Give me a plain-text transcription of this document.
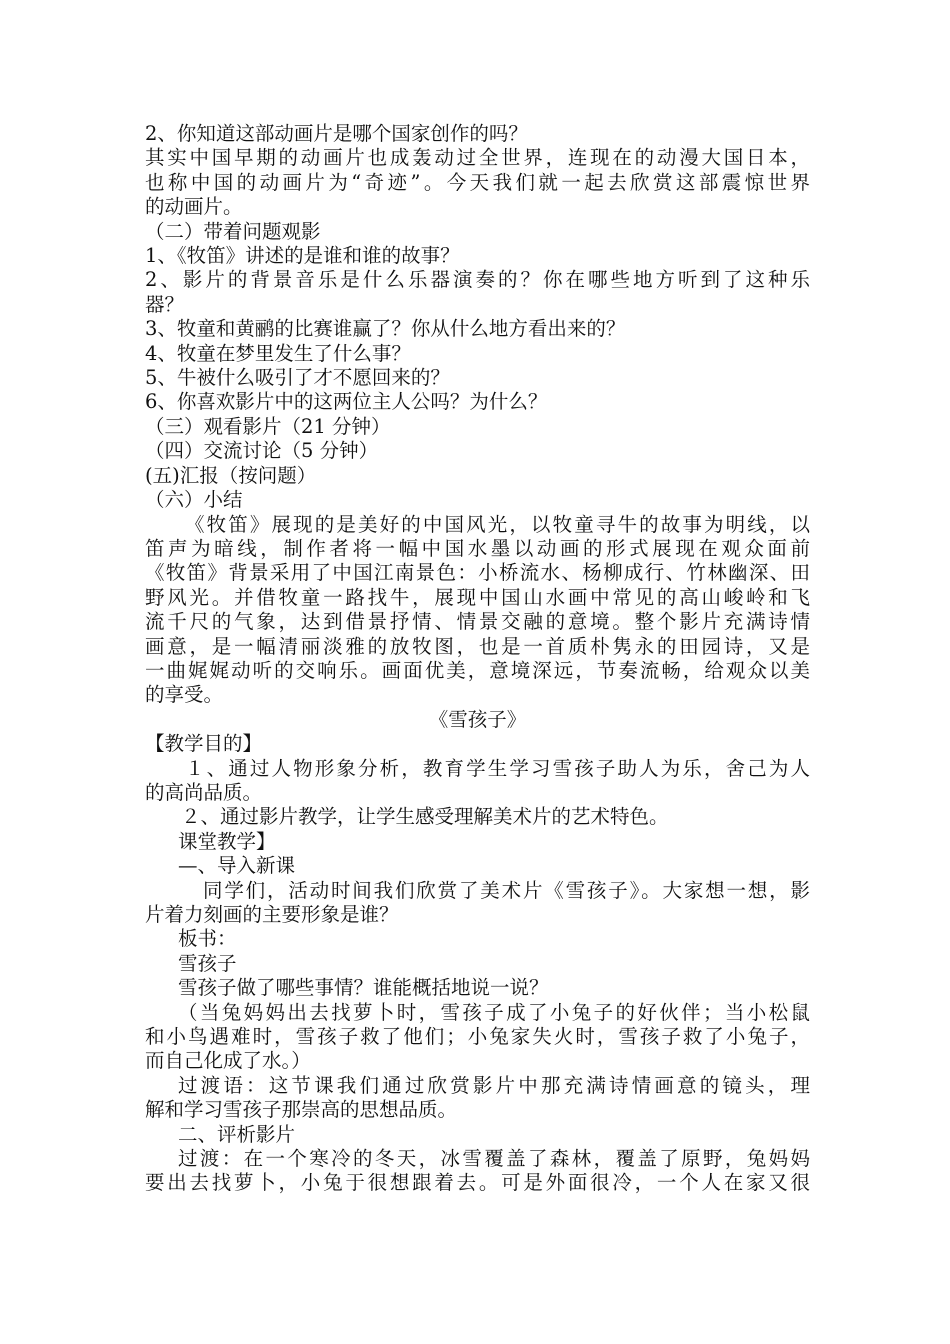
2、你知道这部动画片是哪个国家创作的吗？
其实中国早期的动画片也成轰动过全世界，连现在的动漫大国日本，
也称中国的动画片为“奇迹”。今天我们就一起去欣赏这部震惊世界
的动画片。
（二）带着问题观影
1、《牧笛》讲述的是谁和谁的故事？
2、影片的背景音乐是什么乐器演奏的？你在哪些地方听到了这种乐
器？
3、牧童和黄鹂的比赛谁赢了？你从什么地方看出来的？
4、牧童在梦里发生了什么事？
5、牛被什么吸引了才不愿回来的？
6、你喜欢影片中的这两位主人公吗？为什么？
（三）观看影片（21 分钟）
（四）交流讨论（5 分钟）
(五)汇报（按问题）
（六）小结
《牧笛》展现的是美好的中国风光，以牧童寻牛的故事为明线，以
笛声为暗线，制作者将一幅中国水墨以动画的形式展现在观众面前
《牧笛》背景采用了中国江南景色：小桥流水、杨柳成行、竹林幽深、田
野风光。并借牧童一路找牛，展现中国山水画中常见的高山峻岭和飞
流千尺的气象，达到借景抒情、情景交融的意境。整个影片充满诗情
画意，是一幅清丽淡雅的放牧图，也是一首质朴隽永的田园诗，又是
一曲娓娓动听的交响乐。画面优美，意境深远，节奏流畅，给观众以美
的享受。
《雪孩子》
【教学目的】
１、通过人物形象分析，教育学生学习雪孩子助人为乐，舍己为人
的高尚品质。
２、通过影片教学，让学生感受理解美术片的艺术特色。
课堂教学】
—、导入新课
同学们，活动时间我们欣赏了美术片《雪孩子》。大家想一想，影
片着力刻画的主要形象是谁？
板书：
雪孩子
雪孩子做了哪些事情？谁能概括地说一说？
（当兔妈妈出去找萝卜时，雪孩子成了小兔子的好伙伴；当小松鼠
和小鸟遇难时，雪孩子救了他们；小兔家失火时，雪孩子救了小兔子，
而自己化成了水。）
过渡语：这节课我们通过欣赏影片中那充满诗情画意的镜头，理
解和学习雪孩子那崇高的思想品质。
二、评析影片
过渡：在一个寒冷的冬天，冰雪覆盖了森林，覆盖了原野，兔妈妈
要出去找萝卜，小兔于很想跟着去。可是外面很冷，一个人在家又很
